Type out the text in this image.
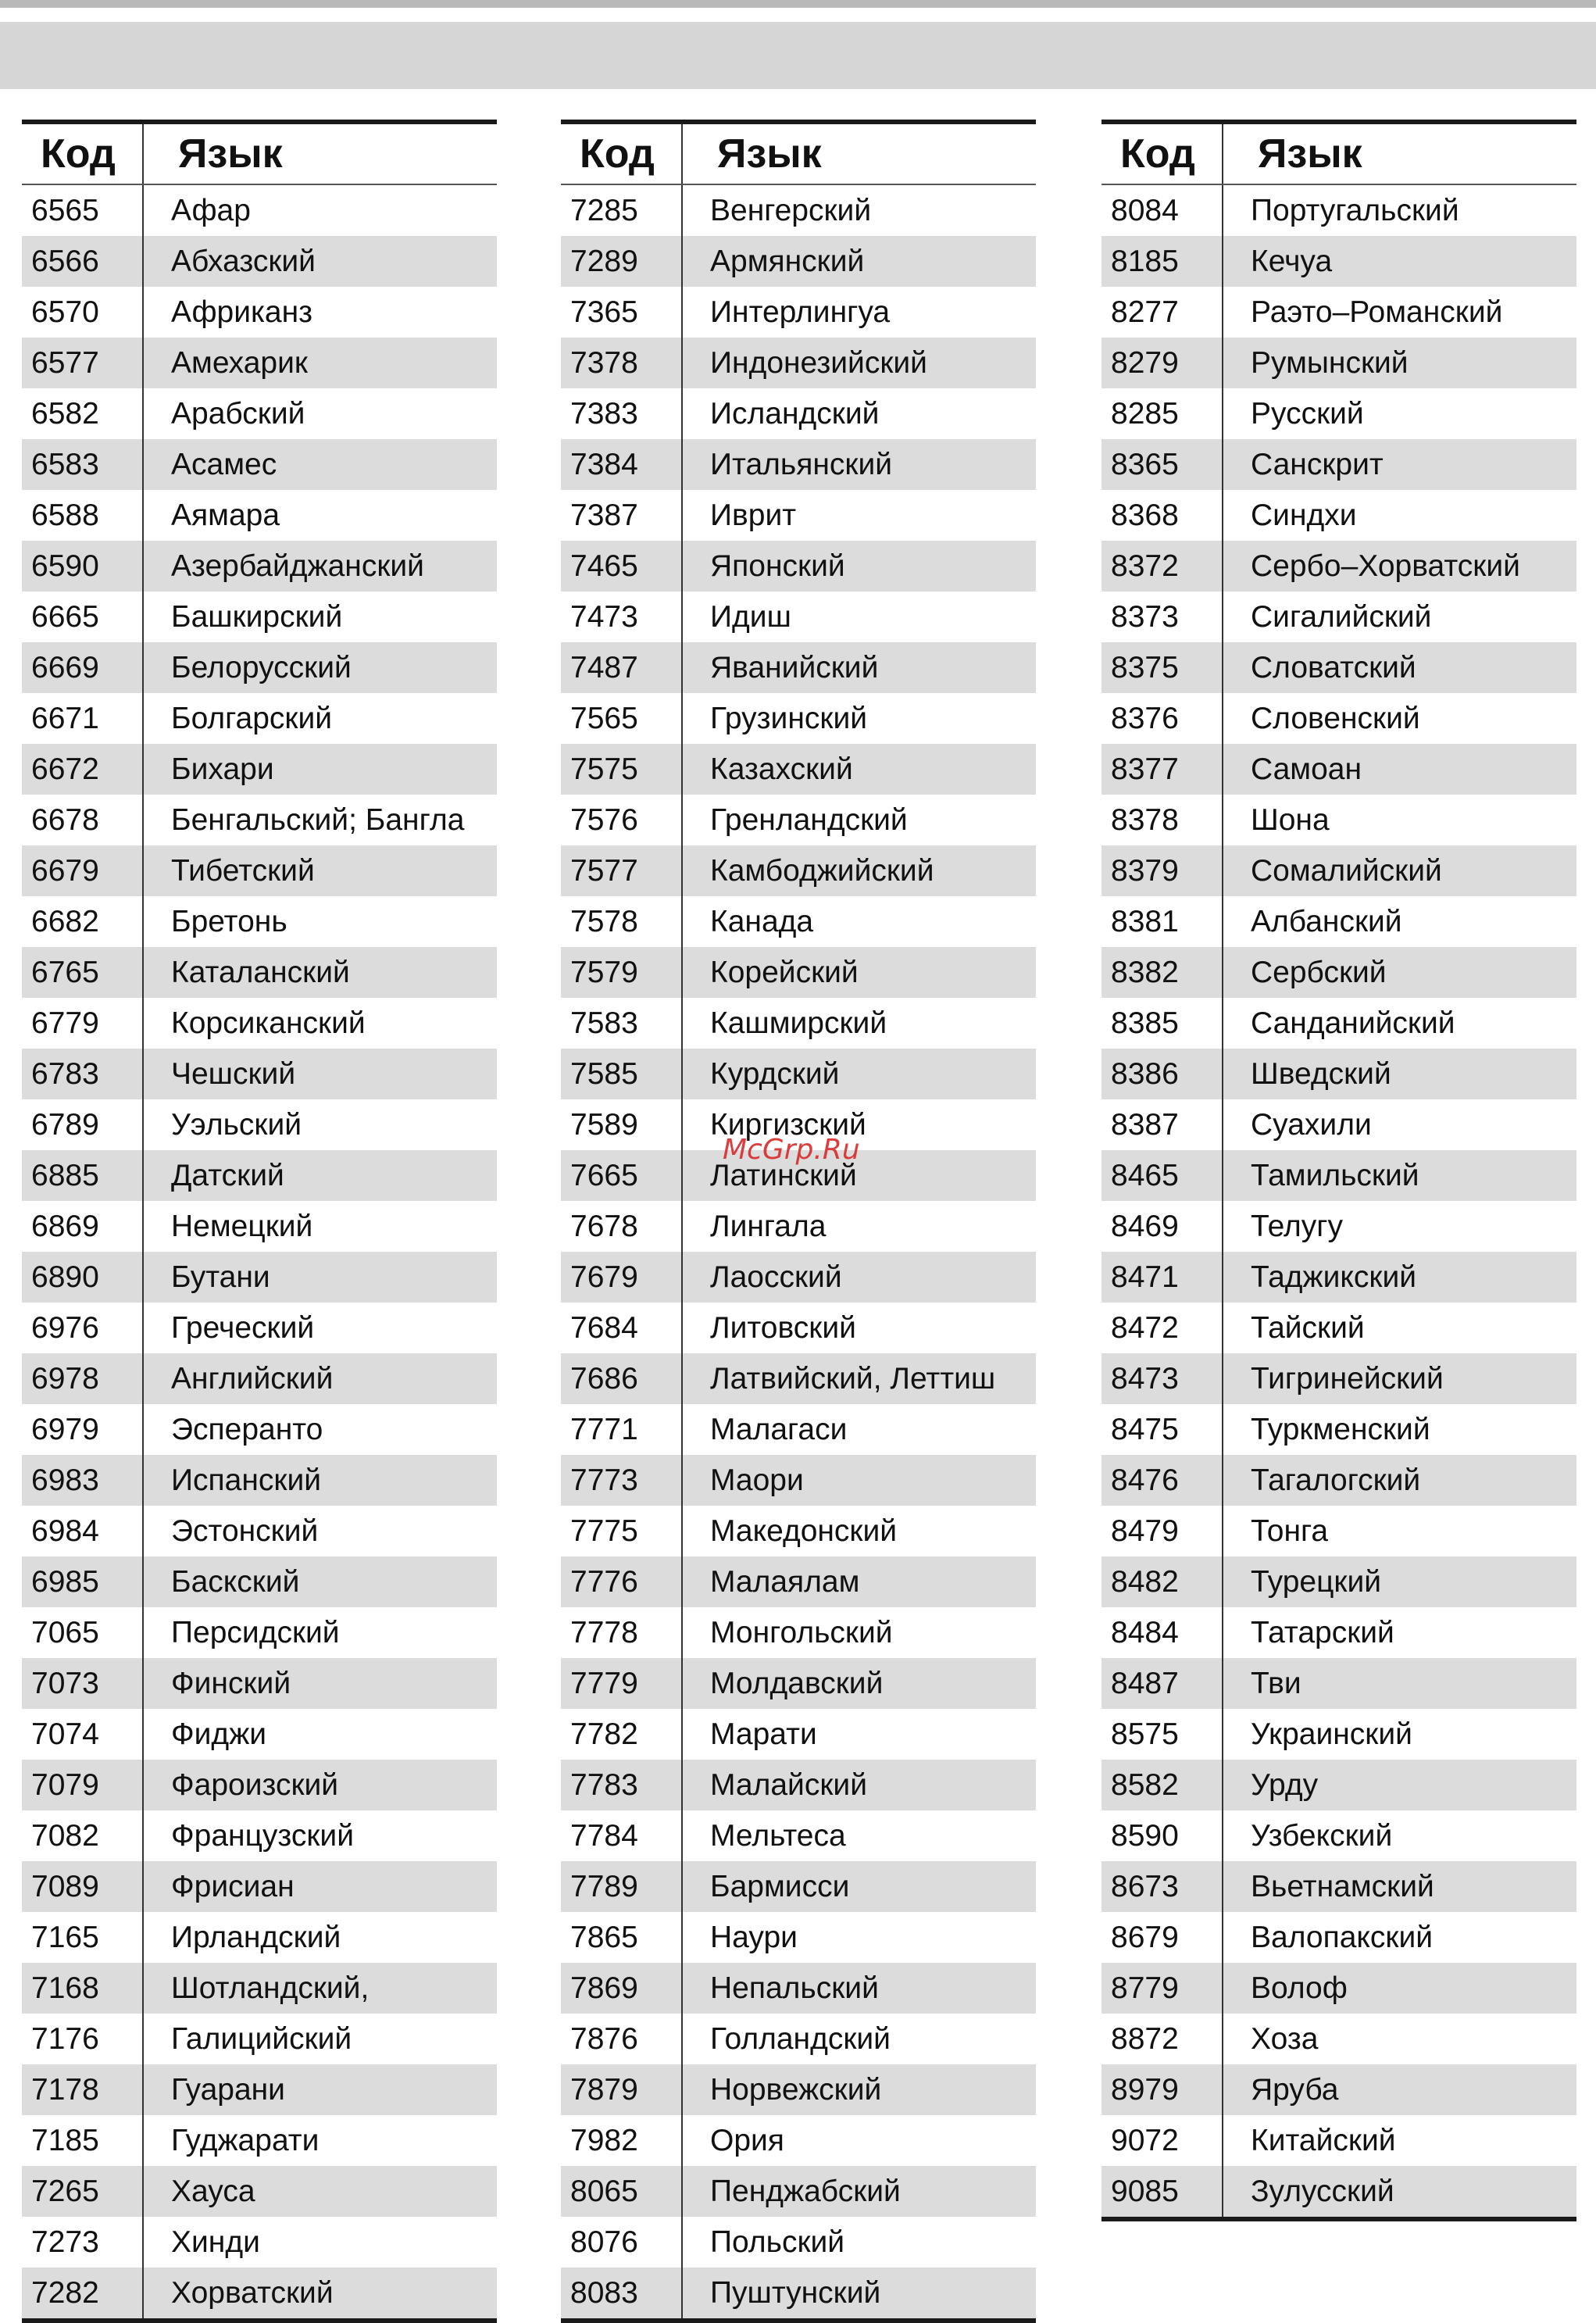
Код	Язык
6565	Афар
6566	Абхазский
6570	Африканз
6577	Амехарик
6582	Арабский
6583	Асамес
6588	Аямара
6590	Азербайджанский
6665	Башкирский
6669	Белорусский
6671	Болгарский
6672	Бихари
6678	Бенгальский; Бангла
6679	Тибетский
6682	Бретонь
6765	Каталанский
6779	Корсиканский
6783	Чешский
6789	Уэльский
6885	Датский
6869	Немецкий
6890	Бутани
6976	Греческий
6978	Английский
6979	Эсперанто
6983	Испанский
6984	Эстонский
6985	Баскский
7065	Персидский
7073	Финский
7074	Фиджи
7079	Фароизский
7082	Французский
7089	Фрисиан
7165	Ирландский
7168	Шотландский,
7176	Галицийский
7178	Гуарани
7185	Гуджарати
7265	Хауса
7273	Хинди
7282	Хорватский
Код	Язык
7285	Венгерский
7289	Армянский
7365	Интерлингуа
7378	Индонезийский
7383	Исландский
7384	Итальянский
7387	Иврит
7465	Японский
7473	Идиш
7487	Яванийский
7565	Грузинский
7575	Казахский
7576	Гренландский
7577	Камбоджийский
7578	Канада
7579	Корейский
7583	Кашмирский
7585	Курдский
7589	Киргизский
7665	Латинский
7678	Лингала
7679	Лаосский
7684	Литовский
7686	Латвийский, Леттиш
7771	Малагаси
7773	Маори
7775	Македонский
7776	Малаялам
7778	Монгольский
7779	Молдавский
7782	Марати
7783	Малайский
7784	Мельтеса
7789	Бармисси
7865	Наури
7869	Непальский
7876	Голландский
7879	Норвежский
7982	Ория
8065	Пенджабский
8076	Польский
8083	Пуштунский
Код	Язык
8084	Португальский
8185	Кечуа
8277	Раэто–Романский
8279	Румынский
8285	Русский
8365	Санскрит
8368	Синдхи
8372	Сербо–Хорватский
8373	Сигалийский
8375	Словатский
8376	Словенский
8377	Самоан
8378	Шона
8379	Сомалийский
8381	Албанский
8382	Сербский
8385	Санданийский
8386	Шведский
8387	Суахили
8465	Тамильский
8469	Телугу
8471	Таджикский
8472	Тайский
8473	Тигринейский
8475	Туркменский
8476	Тагалогский
8479	Тонга
8482	Турецкий
8484	Татарский
8487	Тви
8575	Украинский
8582	Урду
8590	Узбекский
8673	Вьетнамский
8679	Валопакский
8779	Волоф
8872	Хоза
8979	Яруба
9072	Китайский
9085	Зулусский
McGrp.Ru
